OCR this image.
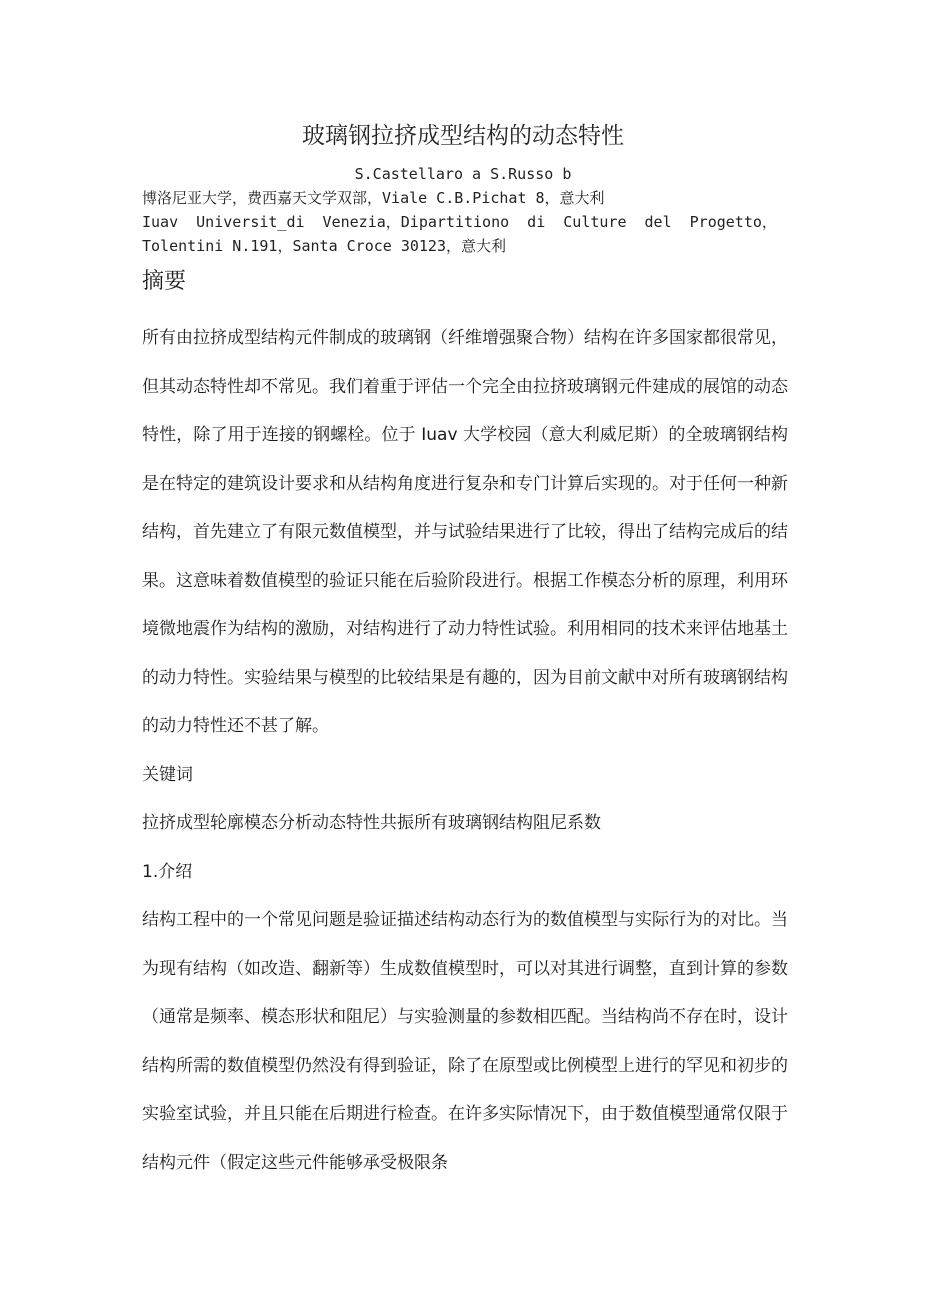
玻璃钢拉挤成型结构的动态特性
S.Castellaro a S.Russo b
博洛尼亚大学，费西嘉天文学双部，Viale C.B.Pichat 8，意大利
Iuav Universit_di Venezia，Dipartitiono di Culture del Progetto，
Tolentini N.191，Santa Croce 30123，意大利
摘要

所有由拉挤成型结构元件制成的玻璃钢（纤维增强聚合物）结构在许多国家都很常见，但其动态特性却不常见。我们着重于评估一个完全由拉挤玻璃钢元件建成的展馆的动态特性，除了用于连接的钢螺栓。位于 Iuav 大学校园（意大利威尼斯）的全玻璃钢结构是在特定的建筑设计要求和从结构角度进行复杂和专门计算后实现的。对于任何一种新结构，首先建立了有限元数值模型，并与试验结果进行了比较，得出了结构完成后的结果。这意味着数值模型的验证只能在后验阶段进行。根据工作模态分析的原理，利用环境微地震作为结构的激励，对结构进行了动力特性试验。利用相同的技术来评估地基土的动力特性。实验结果与模型的比较结果是有趣的，因为目前文献中对所有玻璃钢结构的动力特性还不甚了解。

关键词

拉挤成型轮廓模态分析动态特性共振所有玻璃钢结构阻尼系数

1.介绍

结构工程中的一个常见问题是验证描述结构动态行为的数值模型与实际行为的对比。当为现有结构（如改造、翻新等）生成数值模型时，可以对其进行调整，直到计算的参数（通常是频率、模态形状和阻尼）与实验测量的参数相匹配。当结构尚不存在时，设计结构所需的数值模型仍然没有得到验证，除了在原型或比例模型上进行的罕见和初步的实验室试验，并且只能在后期进行检查。在许多实际情况下，由于数值模型通常仅限于结构元件（假定这些元件能够承受极限条
